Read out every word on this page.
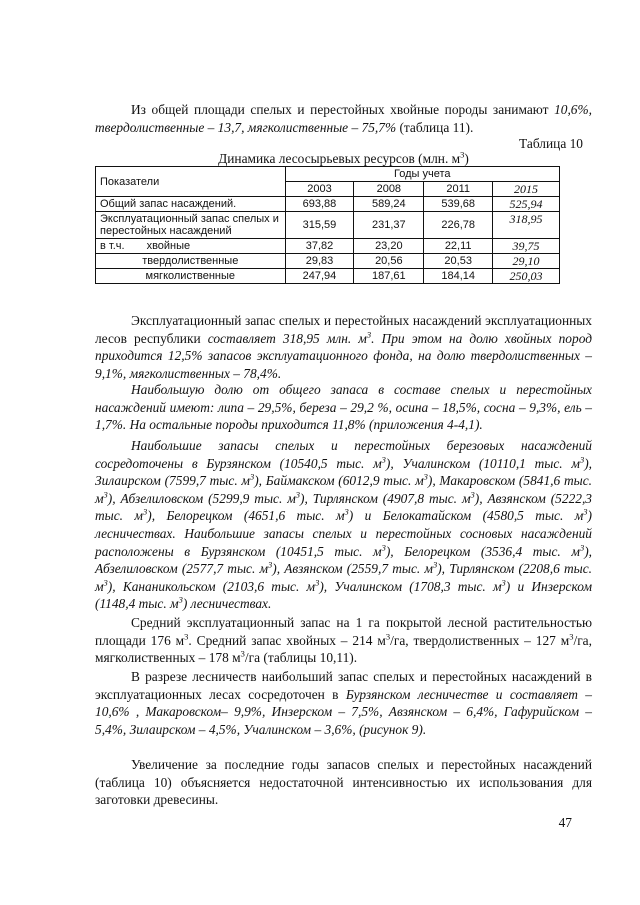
Из общей площади спелых и перестойных хвойные породы занимают 10,6%, твердолиственные – 13,7, мягколиственные – 75,7% (таблица 11).

Таблица 10
Динамика лесосырьевых ресурсов (млн. $м^3$)
Показатели	Годы учета			
	2003	2008	2011	2015
Общий запас насаждений.	693,88	589,24	539,68	525,94
Эксплуатационный запас спелых и перестойных насаждений	315,59	231,37	226,78	318,95
в т.ч. хвойные	37,82	23,20	22,11	39,75
твердолиственные	29,83	20,56	20,53	29,10
мягколиственные	247,94	187,61	184,14	250,03

Эксплуатационный запас спелых и перестойных насаждений эксплуатационных лесов республики составляет 318,95 млн. $м^3$. При этом на долю хвойных пород приходится 12,5% запасов эксплуатационного фонда, на долю твердолиственных – 9,1%, мягколиственных – 78,4%.

Наибольшую долю от общего запаса в составе спелых и перестойных насаждений имеют: липа – 29,5%, береза – 29,2 %, осина – 18,5%, сосна – 9,3%, ель – 1,7%. На остальные породы приходится 11,8% (приложения 4-4,1).

Наибольшие запасы спелых и перестойных березовых насаждений сосредоточены в Бурзянском (10540,5 тыс. $м^3$), Учалинском (10110,1 тыс. $м^3$), Зилаирском (7599,7 тыс. $м^3$), Баймакском (6012,9 тыс. $м^3$), Макаровском (5841,6 тыс. $м^3$), Абзелиловском (5299,9 тыс. $м^3$), Тирлянском (4907,8 тыс. $м^3$), Авзянском (5222,3 тыс. $м^3$), Белорецком (4651,6 тыс. $м^3$) и Белокатайском (4580,5 тыс. $м^3$) лесничествах. Наибольшие запасы спелых и перестойных сосновых насаждений расположены в Бурзянском (10451,5 тыс. $м^3$), Белорецком (3536,4 тыс. $м^3$), Абзелиловском (2577,7 тыс. $м^3$), Авзянском (2559,7 тыс. $м^3$), Тирлянском (2208,6 тыс. $м^3$), Кананикольском (2103,6 тыс. $м^3$), Учалинском (1708,3 тыс. $м^3$) и Инзерском (1148,4 тыс. $м^3$) лесничествах.

Средний эксплуатационный запас на 1 га покрытой лесной растительностью площади 176 $м^3$. Средний запас хвойных – 214 $м^3/га$, твердолиственных – 127 $м^3/га$, мягколиственных – 178 $м^3/га$ (таблицы 10,11).

В разрезе лесничеств наибольший запас спелых и перестойных насаждений в эксплуатационных лесах сосредоточен в Бурзянском лесничестве и составляет – 10,6% , Макаровском– 9,9%, Инзерском – 7,5%, Авзянском – 6,4%, Гафурийском – 5,4%, Зилаирском – 4,5%, Учалинском – 3,6%, (рисунок 9).

Увеличение за последние годы запасов спелых и перестойных насаждений (таблица 10) объясняется недостаточной интенсивностью их использования для заготовки древесины.

47
